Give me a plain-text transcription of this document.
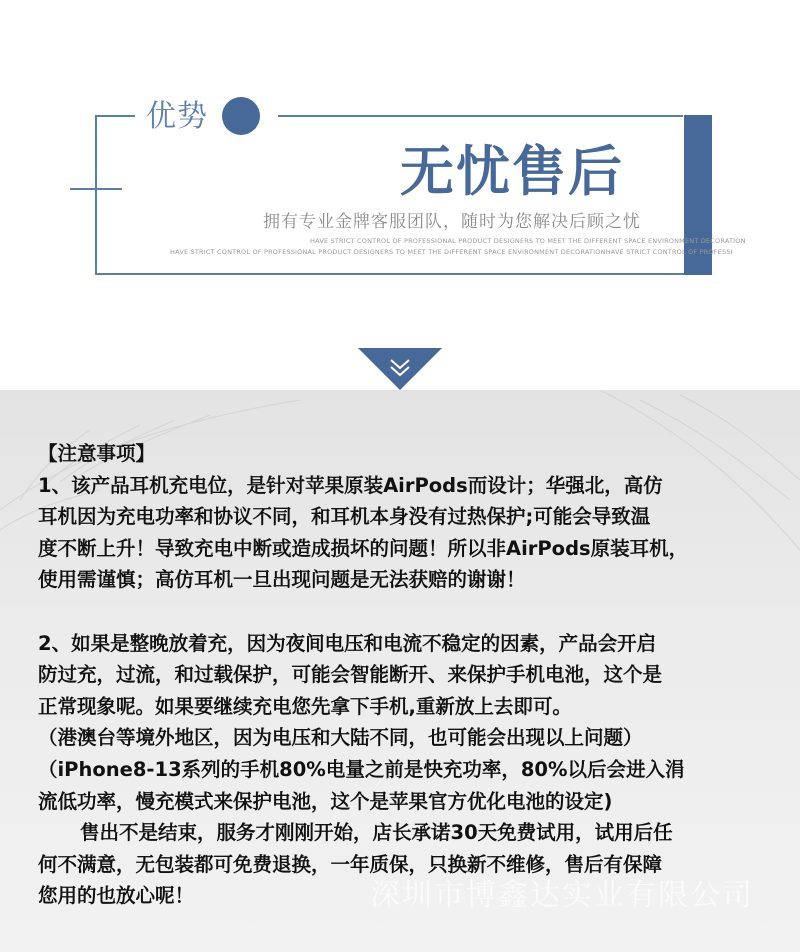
优势
无忧售后
拥有专业金牌客服团队，随时为您解决后顾之忧
HAVE STRICT CONTROL OF PROFESSIONAL PRODUCT DESIGNERS TO MEET THE DIFFERENT SPACE ENVIRONMENT DECORATION
HAVE STRICT CONTROL OF PROFESSIONAL PRODUCT DESIGNERS TO MEET THE DIFFERENT SPACE ENVIRONMENT DECORATIONHAVE STRICT CONTROL OF PROFESSI

【注意事项】

1、该产品耳机充电位，是针对苹果原装AirPods而设计；华强北，高仿

耳机因为充电功率和协议不同，和耳机本身没有过热保护;可能会导致温

度不断上升！导致充电中断或造成损坏的问题！所以非AirPods原装耳机，

使用需谨慎；高仿耳机一旦出现问题是无法获赔的谢谢！

2、如果是整晚放着充，因为夜间电压和电流不稳定的因素，产品会开启

防过充，过流，和过载保护，可能会智能断开、来保护手机电池，这个是

正常现象呢。如果要继续充电您先拿下手机,重新放上去即可。

（港澳台等境外地区，因为电压和大陆不同，也可能会出现以上问题）

（iPhone8-13系列的手机80%电量之前是快充功率，80%以后会进入涓

流低功率，慢充模式来保护电池，这个是苹果官方优化电池的设定)

售出不是结束，服务才刚刚开始，店长承诺30天免费试用，试用后任

何不满意，无包装都可免费退换，一年质保，只换新不维修，售后有保障

您用的也放心呢！	深圳市博鑫达实业有限公司
